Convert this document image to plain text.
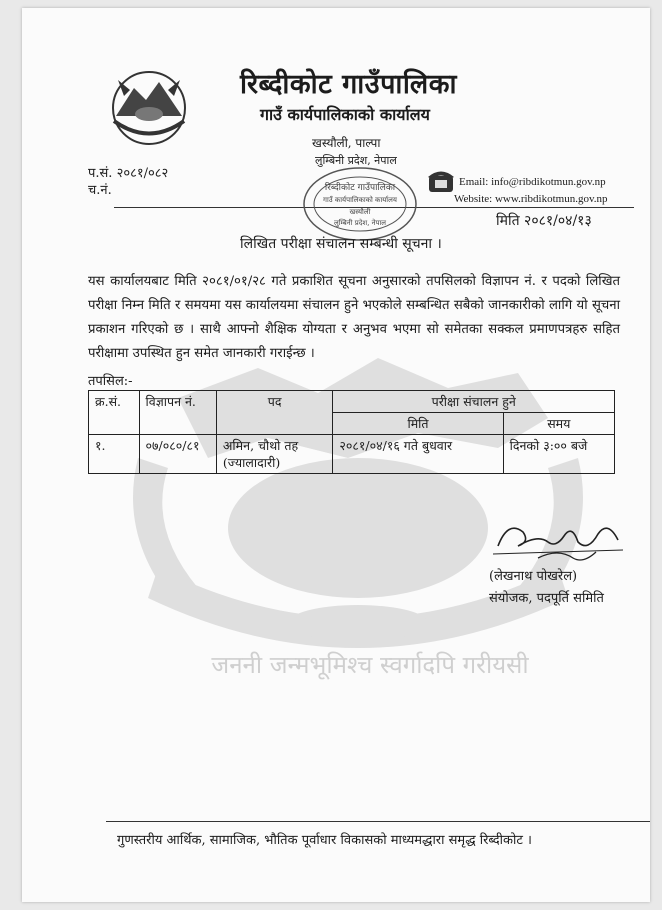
जननी जन्मभूमिश्च स्वर्गादपि गरीयसी
रिब्दीकोट गाउँपालिका
गाउँ कार्यपालिकाको कार्यालय
खस्यौली, पाल्पा
लुम्बिनी प्रदेश, नेपाल
प.सं. २०८१/०८२
च.नं.
Email: info@ribdikotmun.gov.np
Website: www.ribdikotmun.gov.np
मिति २०८१/०४/१३
रिब्दीकोट गाउँपालिका
गाउँ कार्यपालिकाको कार्यालय
खस्यौली
लुम्बिनी प्रदेश, नेपाल
लिखित परीक्षा संचालन सम्बन्धी सूचना ।
यस कार्यालयबाट मिति २०८१/०१/२८ गते प्रकाशित सूचना अनुसारको तपसिलको विज्ञापन नं. र पदको लिखित परीक्षा निम्न मिति र समयमा यस कार्यालयमा संचालन हुने भएकोले सम्बन्धित सबैको जानकारीको लागि यो सूचना प्रकाशन गरिएको छ । साथै आफ्नो शैक्षिक योग्यता र अनुभव भएमा सो समेतका सक्कल प्रमाणपत्रहरु सहित परीक्षामा उपस्थित हुन समेत जानकारी गराईन्छ ।
तपसिल:-
क्र.सं.	विज्ञापन नं.	पद	परीक्षा संचालन हुने	
			मिति	समय
१.	०७/०८०/८१	अमिन, चौथो तह (ज्यालादारी)	२०८१/०४/१६ गते बुधवार	दिनको ३:०० बजे
(लेखनाथ पोखरेल)
संयोजक, पदपूर्ति समिति
गुणस्तरीय आर्थिक, सामाजिक, भौतिक पूर्वाधार विकासको माध्यमद्धारा समृद्ध रिब्दीकोट ।
